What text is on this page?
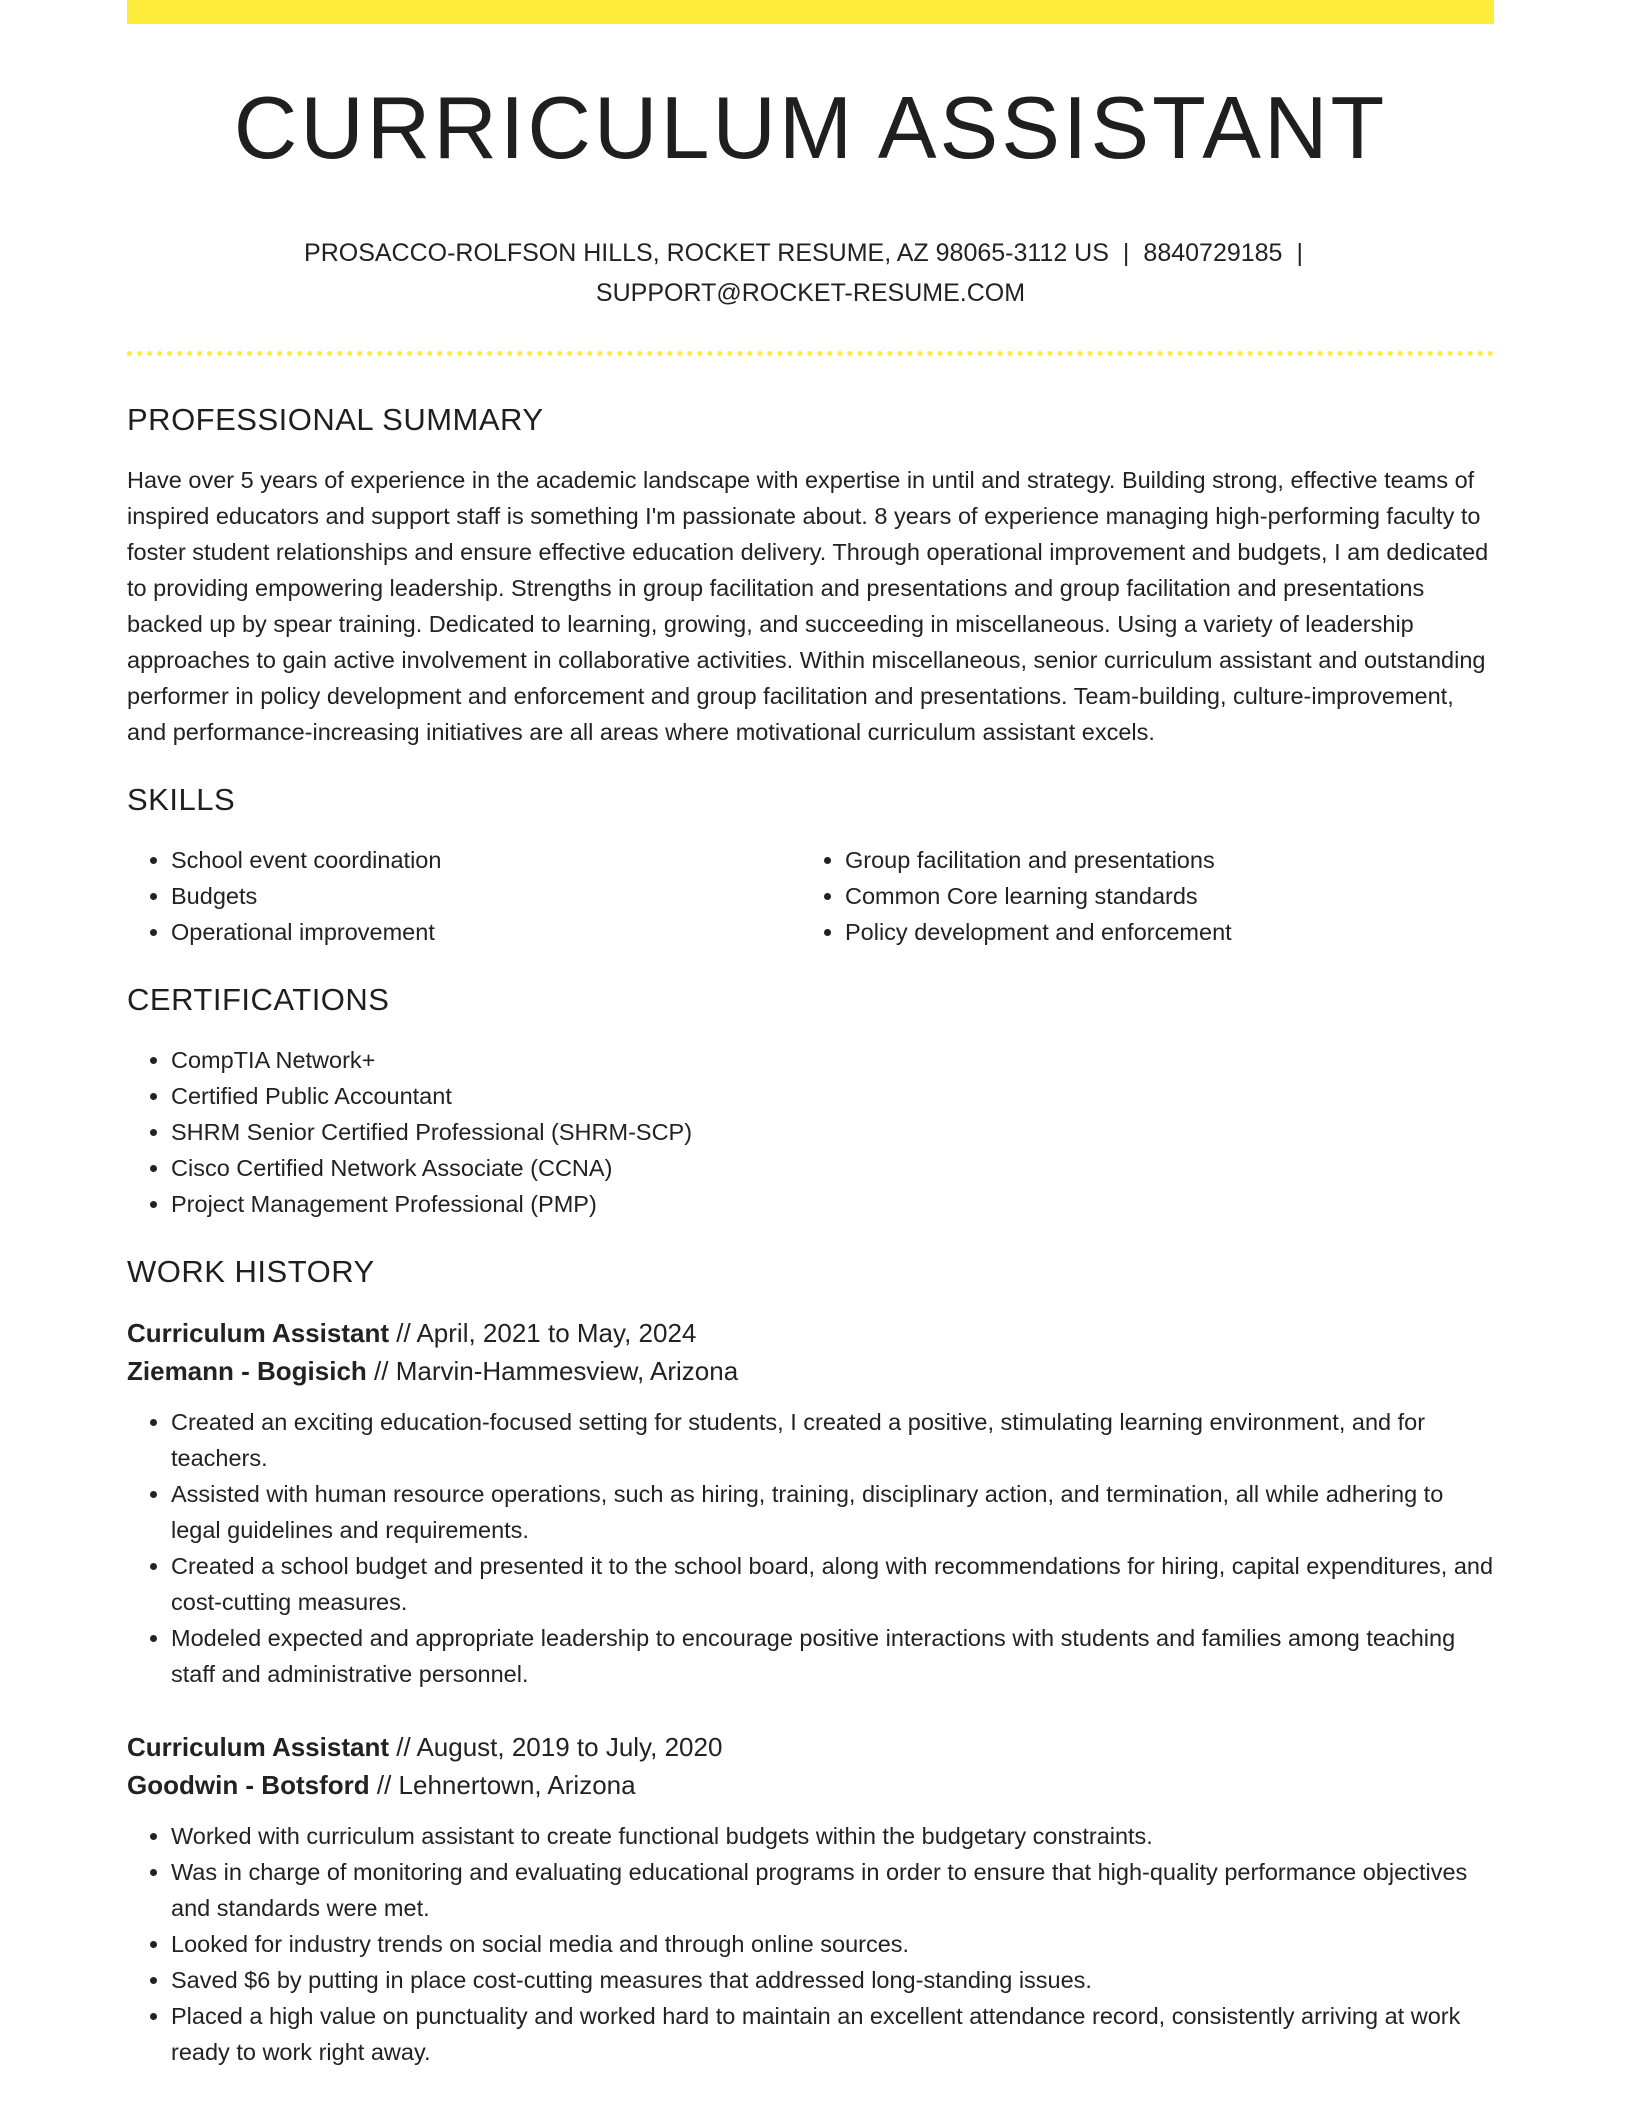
CURRICULUM ASSISTANT
PROSACCO-ROLFSON HILLS, ROCKET RESUME, AZ 98065-3112 US | 8840729185 |
SUPPORT@ROCKET-RESUME.COM
PROFESSIONAL SUMMARY

Have over 5 years of experience in the academic landscape with expertise in until and strategy. Building strong, effective teams of inspired educators and support staff is something I'm passionate about. 8 years of experience managing high-performing faculty to foster student relationships and ensure effective education delivery. Through operational improvement and budgets, I am dedicated to providing empowering leadership. Strengths in group facilitation and presentations and group facilitation and presentations backed up by spear training. Dedicated to learning, growing, and succeeding in miscellaneous. Using a variety of leadership approaches to gain active involvement in collaborative activities. Within miscellaneous, senior curriculum assistant and outstanding performer in policy development and enforcement and group facilitation and presentations. Team-building, culture-improvement, and performance-increasing initiatives are all areas where motivational curriculum assistant excels.

SKILLS
• School event coordination
• Budgets
• Operational improvement
• Group facilitation and presentations
• Common Core learning standards
• Policy development and enforcement
CERTIFICATIONS
• CompTIA Network+
• Certified Public Accountant
• SHRM Senior Certified Professional (SHRM-SCP)
• Cisco Certified Network Associate (CCNA)
• Project Management Professional (PMP)
WORK HISTORY
Curriculum Assistant // April, 2021 to May, 2024
Ziemann - Bogisich // Marvin-Hammesview, Arizona
• Created an exciting education-focused setting for students, I created a positive, stimulating learning environment, and for teachers.
• Assisted with human resource operations, such as hiring, training, disciplinary action, and termination, all while adhering to legal guidelines and requirements.
• Created a school budget and presented it to the school board, along with recommendations for hiring, capital expenditures, and cost-cutting measures.
• Modeled expected and appropriate leadership to encourage positive interactions with students and families among teaching staff and administrative personnel.
Curriculum Assistant // August, 2019 to July, 2020
Goodwin - Botsford // Lehnertown, Arizona
• Worked with curriculum assistant to create functional budgets within the budgetary constraints.
• Was in charge of monitoring and evaluating educational programs in order to ensure that high-quality performance objectives and standards were met.
• Looked for industry trends on social media and through online sources.
• Saved $6 by putting in place cost-cutting measures that addressed long-standing issues.
• Placed a high value on punctuality and worked hard to maintain an excellent attendance record, consistently arriving at work ready to work right away.
